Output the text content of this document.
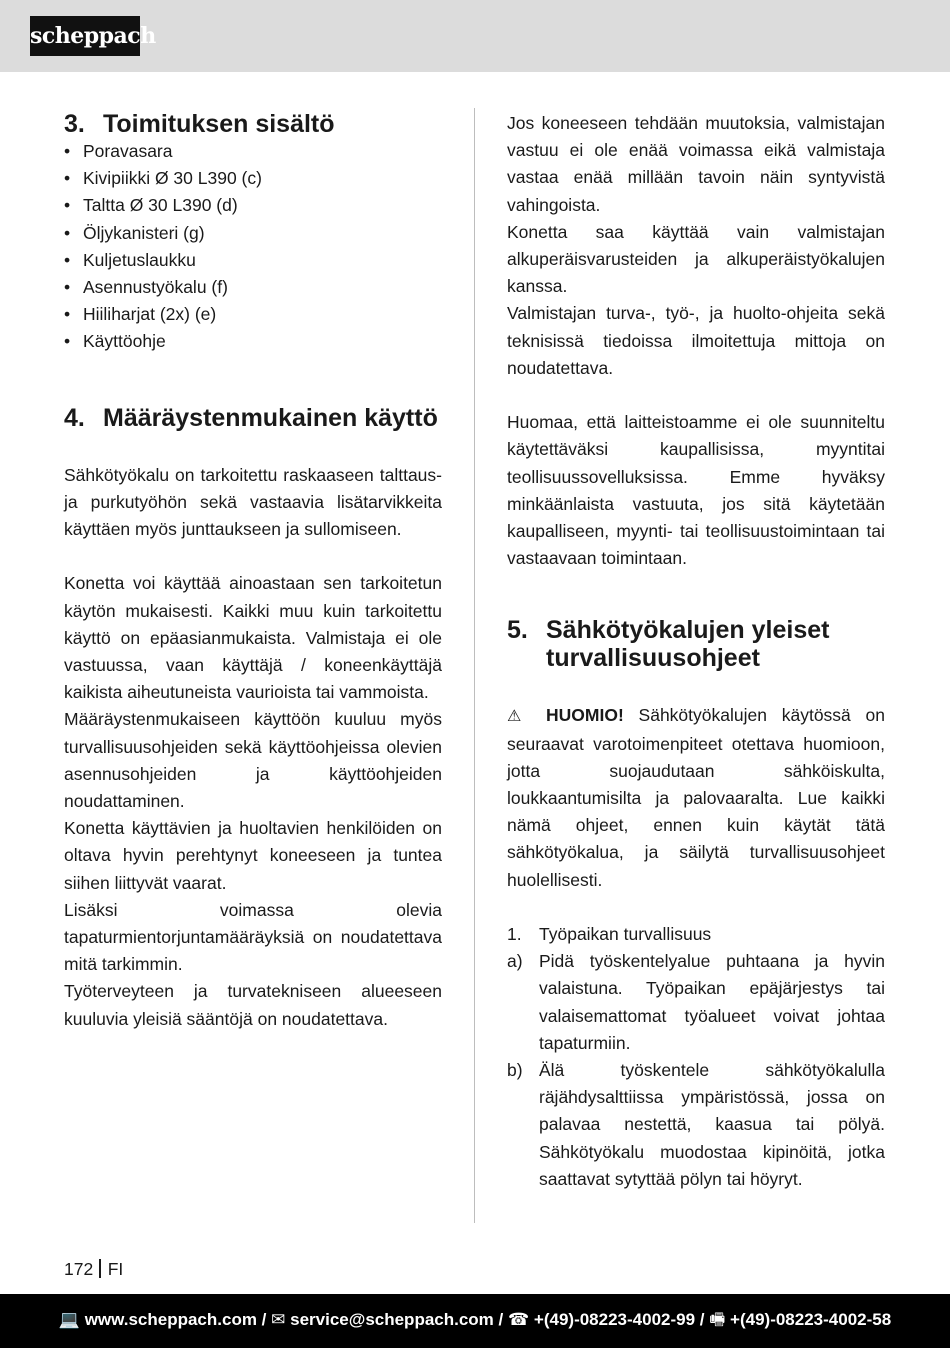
scheppach
3. Toimituksen sisältö
• Poravasara
• Kivipiikki Ø 30 L390 (c)
• Taltta Ø 30 L390 (d)
• Öljykanisteri (g)
• Kuljetuslaukku
• Asennustyökalu (f)
• Hiiliharjat (2x) (e)
• Käyttöohje
4. Määräystenmukainen käyttö

Sähkötyökalu on tarkoitettu raskaaseen talttaus- ja purkutyöhön sekä vastaavia lisätarvikkeita käyttäen myös junttaukseen ja sullomiseen.

Konetta voi käyttää ainoastaan sen tarkoitetun käytön mukaisesti. Kaikki muu kuin tarkoitettu käyttö on epäasianmukaista. Valmistaja ei ole vastuussa, vaan käyttäjä / koneenkäyttäjä kaikista aiheutuneista vaurioista tai vammoista.

Määräystenmukaiseen käyttöön kuuluu myös turvallisuusohjeiden sekä käyttöohjeissa olevien asennusohjeiden ja käyttöohjeiden noudattaminen.

Konetta käyttävien ja huoltavien henkilöiden on oltava hyvin perehtynyt koneeseen ja tuntea siihen liittyvät vaarat.

Lisäksi voimassa olevia tapaturmientorjuntamääräyksiä on noudatettava mitä tarkimmin.

Työterveyteen ja turvatekniseen alueeseen kuuluvia yleisiä sääntöjä on noudatettava.

Jos koneeseen tehdään muutoksia, valmistajan vastuu ei ole enää voimassa eikä valmistaja vastaa enää millään tavoin näin syntyvistä vahingoista.

Konetta saa käyttää vain valmistajan alkuperäisvarusteiden ja alkuperäistyökalujen kanssa.

Valmistajan turva-, työ-, ja huolto-ohjeita sekä teknisissä tiedoissa ilmoitettuja mittoja on noudatettava.

Huomaa, että laitteistoamme ei ole suunniteltu käytettäväksi kaupallisissa, myyntitai teollisuussovelluksissa. Emme hyväksy minkäänlaista vastuuta, jos sitä käytetään kaupalliseen, myynti- tai teollisuustoimintaan tai vastaavaan toimintaan.

5. Sähkötyökalujen yleiset turvallisuusohjeet

⚠ HUOMIO! Sähkötyökalujen käytössä on seuraavat varotoimenpiteet otettava huomioon, jotta suojaudutaan sähköiskulta, loukkaantumisilta ja palovaaralta. Lue kaikki nämä ohjeet, ennen kuin käytät tätä sähkötyökalua, ja säilytä turvallisuusohjeet huolellisesti.

1. Työpaikan turvallisuus
a) Pidä työskentelyalue puhtaana ja hyvin valaistuna. Työpaikan epäjärjestys tai valaisemattomat työalueet voivat johtaa tapaturmiin.
b) Älä työskentele sähkötyökalulla räjähdysalttiissa ympäristössä, jossa on palavaa nestettä, kaasua tai pölyä. Sähkötyökalu muodostaa kipinöitä, jotka saattavat sytyttää pölyn tai höyryt.
172 FI
💻 www.scheppach.com / ✉ service@scheppach.com / ☎ +(49)-08223-4002-99 / 🖷 +(49)-08223-4002-58
